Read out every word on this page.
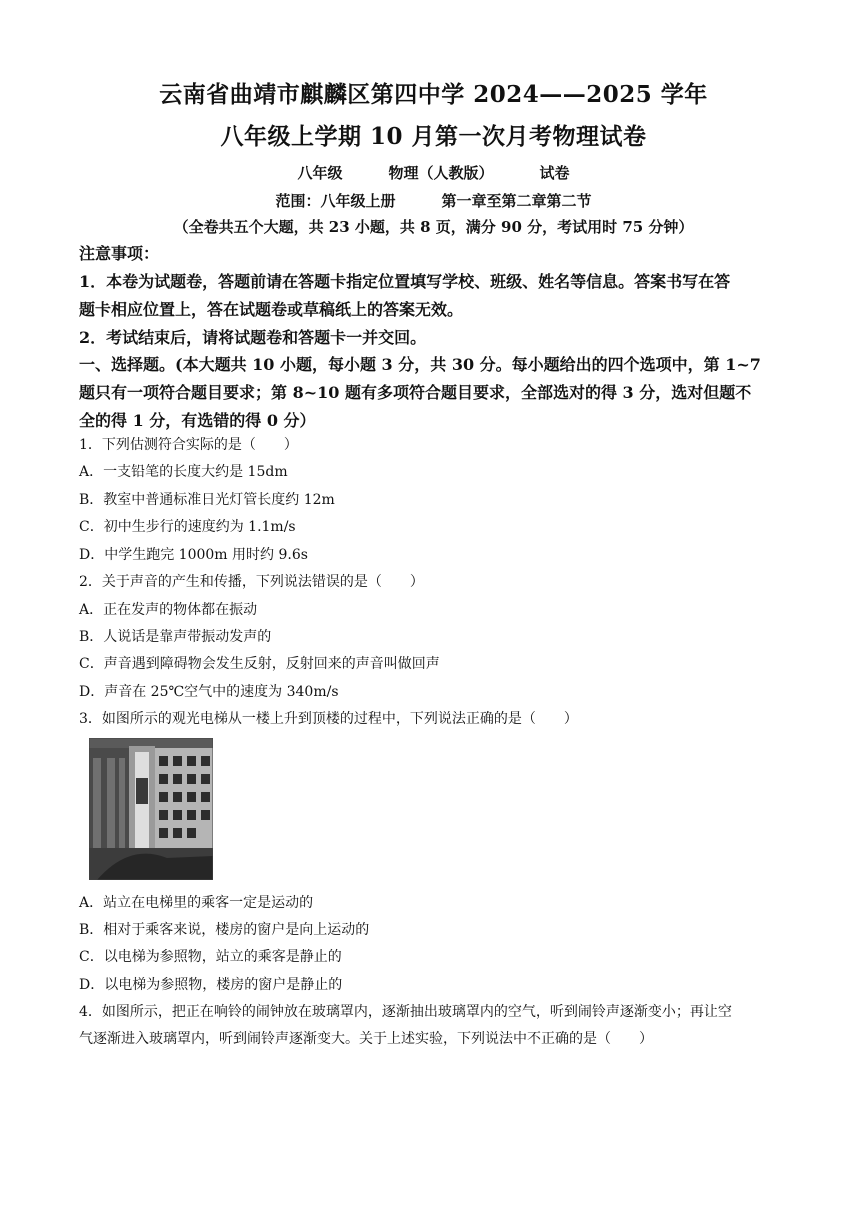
云南省曲靖市麒麟区第四中学 2024——2025 学年
八年级上学期 10 月第一次月考物理试卷
八年级	物理（人教版）	试卷
范围：八年级上册	第一章至第二章第二节
（全卷共五个大题，共 23 小题，共 8 页，满分 90 分，考试用时 75 分钟）
注意事项：
1．本卷为试题卷，答题前请在答题卡指定位置填写学校、班级、姓名等信息。答案书写在答
题卡相应位置上，答在试题卷或草稿纸上的答案无效。
2．考试结束后，请将试题卷和答题卡一并交回。
一、选择题。(本大题共 10 小题，每小题 3 分，共 30 分。每小题给出的四个选项中，第 1~7
题只有一项符合题目要求；第 8~10 题有多项符合题目要求，全部选对的得 3 分，选对但题不
全的得 1 分，有选错的得 0 分）
1．下列估测符合实际的是（　　）
A．一支铅笔的长度大约是 15dm
B．教室中普通标准日光灯管长度约 12m
C．初中生步行的速度约为 1.1m/s
D．中学生跑完 1000m 用时约 9.6s
2．关于声音的产生和传播，下列说法错误的是（　　）
A．正在发声的物体都在振动
B．人说话是靠声带振动发声的
C．声音遇到障碍物会发生反射，反射回来的声音叫做回声
D．声音在 25℃空气中的速度为 340m/s
3．如图所示的观光电梯从一楼上升到顶楼的过程中，下列说法正确的是（　　）
A．站立在电梯里的乘客一定是运动的
B．相对于乘客来说，楼房的窗户是向上运动的
C．以电梯为参照物，站立的乘客是静止的
D．以电梯为参照物，楼房的窗户是静止的
4．如图所示，把正在响铃的闹钟放在玻璃罩内，逐渐抽出玻璃罩内的空气，听到闹铃声逐渐变小；再让空
气逐渐进入玻璃罩内，听到闹铃声逐渐变大。关于上述实验，下列说法中不正确的是（　　）
